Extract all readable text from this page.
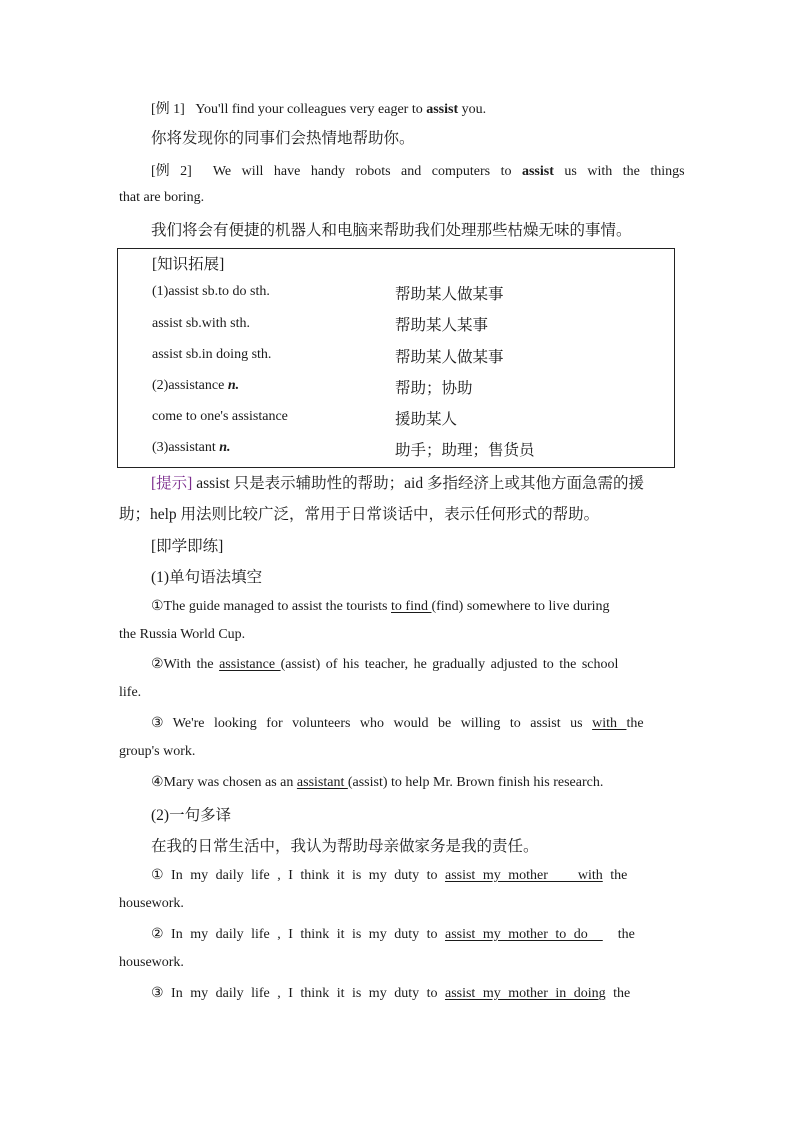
[例 1] You'll find your colleagues very eager to assist you.
你将发现你的同事们会热情地帮助你。
[例 2] We will have handy robots and computers to assist us with the things
that are boring.
我们将会有便捷的机器人和电脑来帮助我们处理那些枯燥无味的事情。
[知识拓展]
(1)assist sb.to do sth.	帮助某人做某事
assist sb.with sth.	帮助某人某事
assist sb.in doing sth.	帮助某人做某事
(2)assistance n.	帮助；协助
come to one's assistance	援助某人
(3)assistant n.	助手；助理；售货员
[提示] assist 只是表示辅助性的帮助；aid 多指经济上或其他方面急需的援
助；help 用法则比较广泛，常用于日常谈话中，表示任何形式的帮助。
[即学即练]
(1)单句语法填空
①The guide managed to assist the tourists to find (find) somewhere to live during
the Russia World Cup.
②With the assistance (assist) of his teacher, he gradually adjusted to the school
life.
③ We're looking for volunteers who would be willing to assist us with the
group's work.
④Mary was chosen as an assistant (assist) to help Mr. Brown finish his research.
(2)一句多译
在我的日常生活中，我认为帮助母亲做家务是我的责任。
① In my daily life , I think it is my duty to assist my mother    with the
housework.
② In my daily life , I think it is my duty to assist my mother to do    the
housework.
③ In my daily life , I think it is my duty to assist my mother in doing the
